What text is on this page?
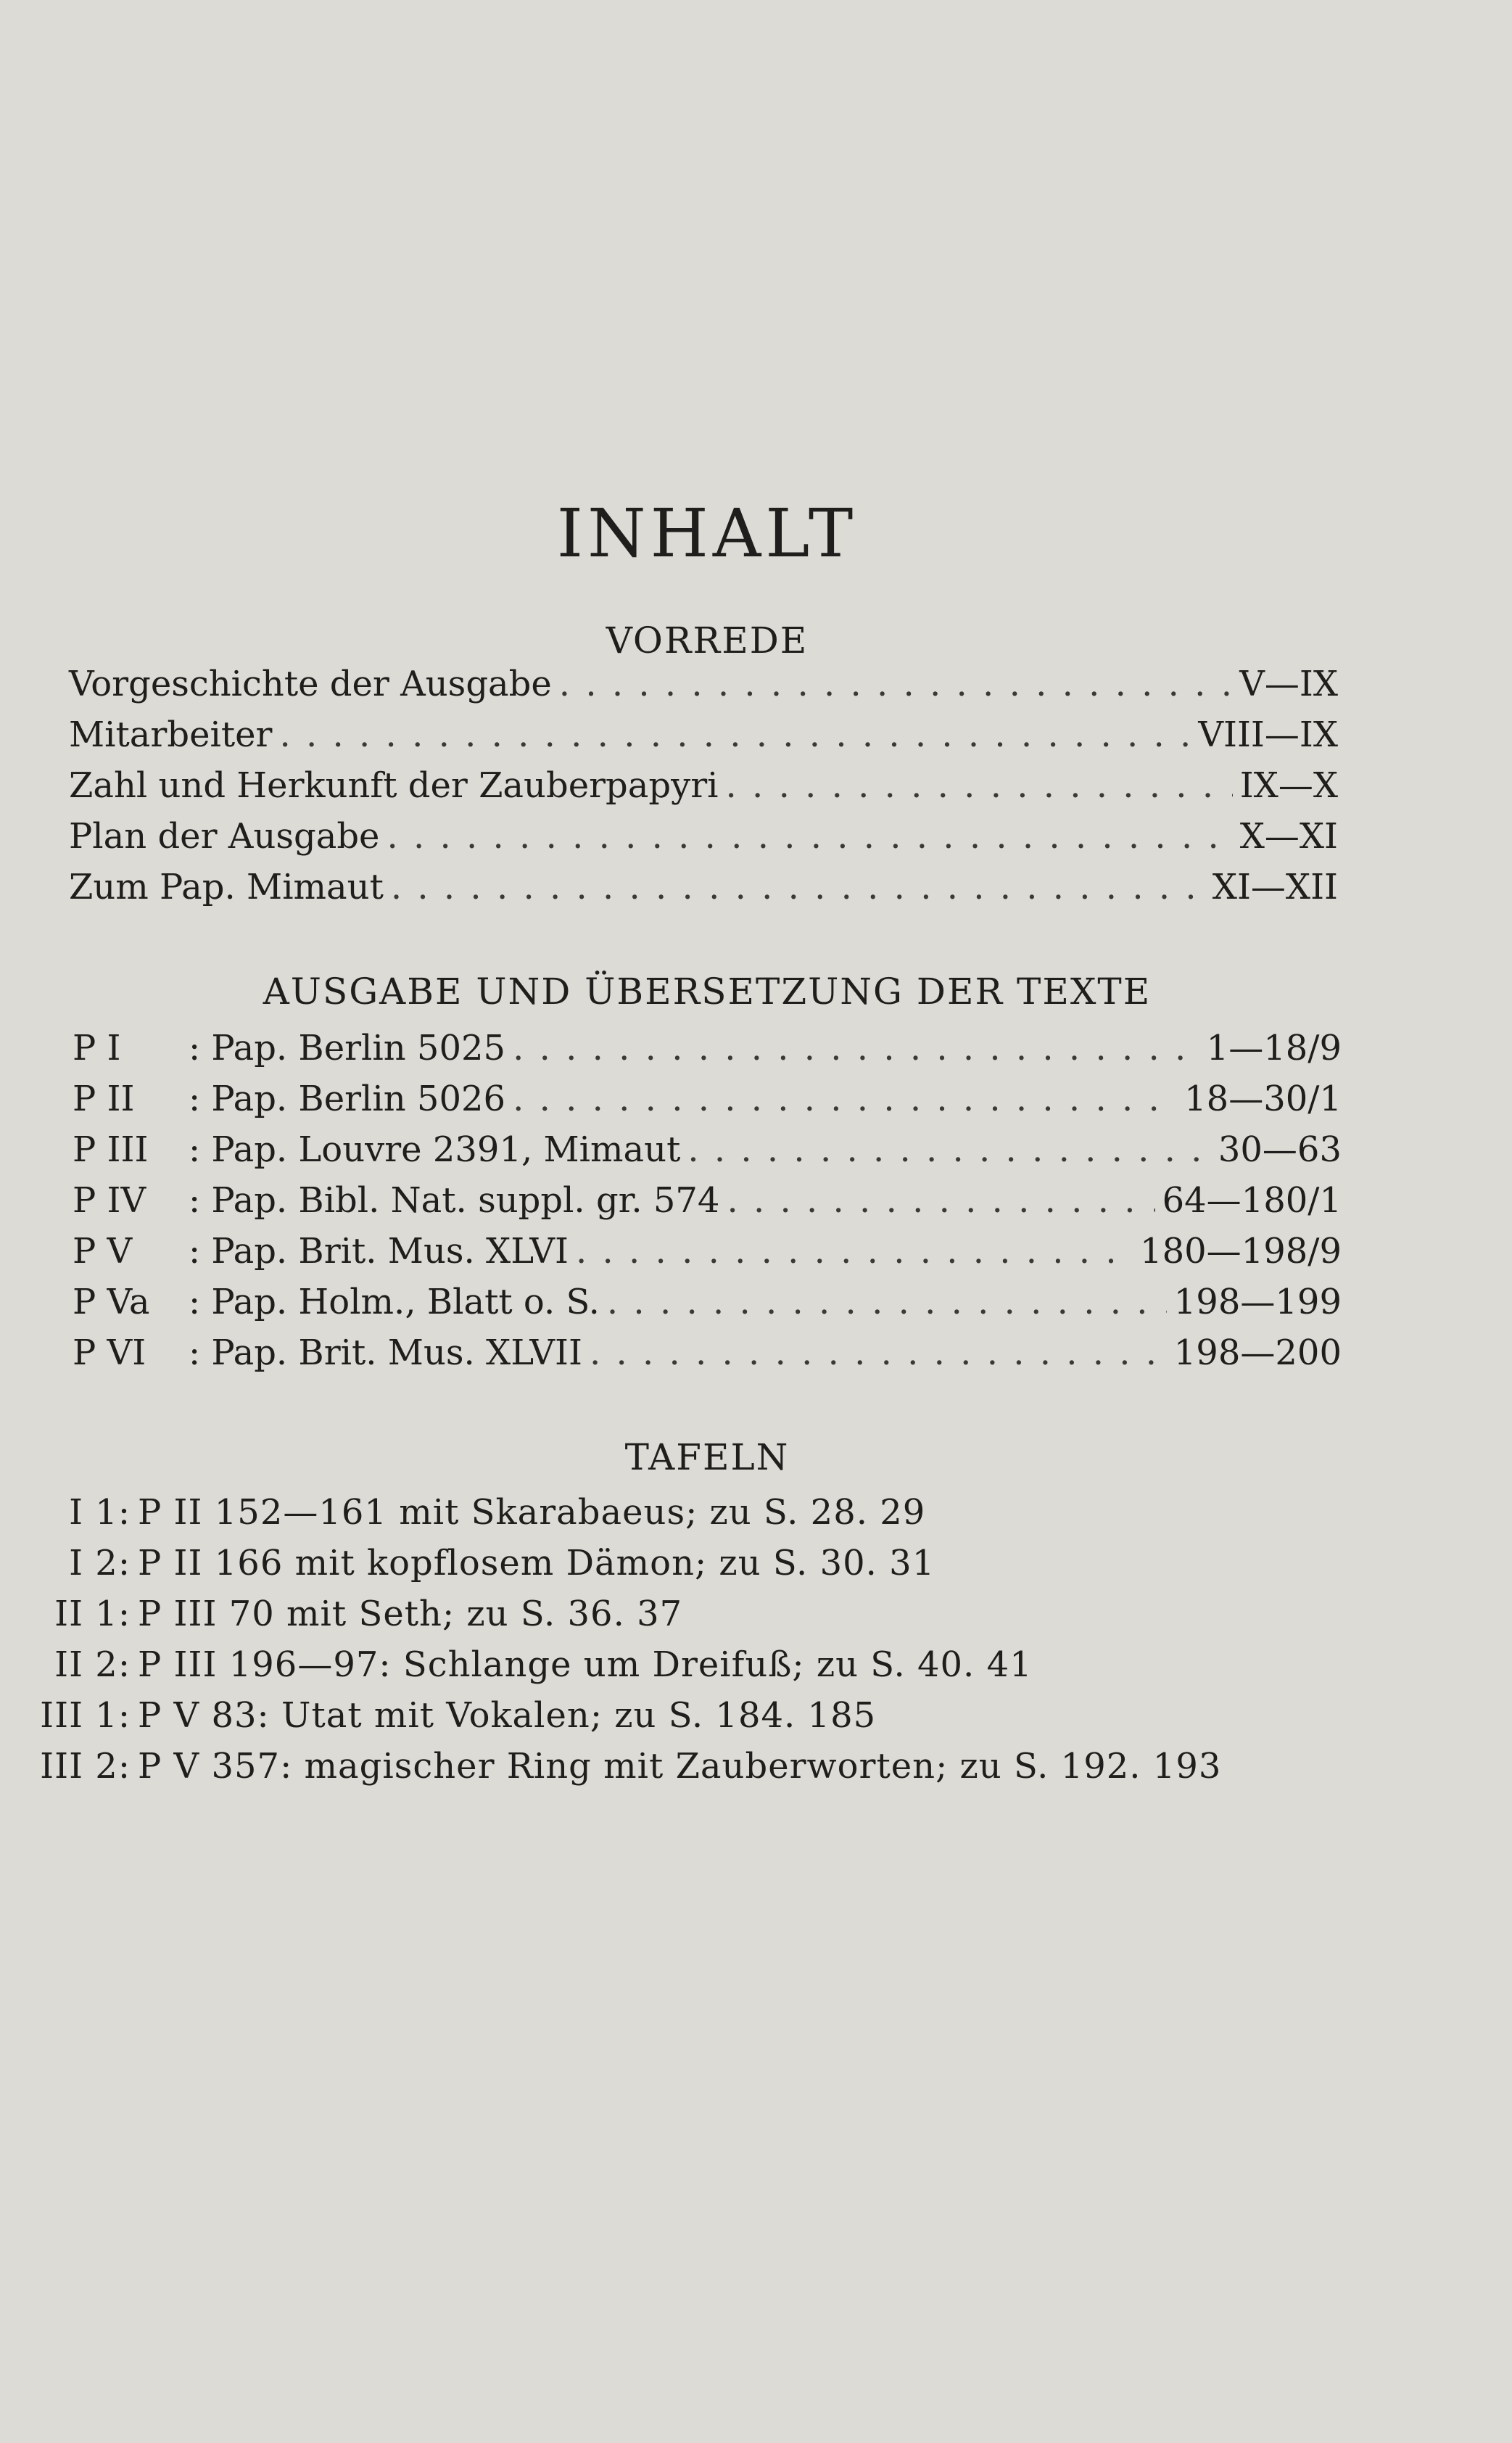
INHALT
VORREDE
Vorgeschichte der Ausgabe . . .	V—IX
Mitarbeiter . . .	VIII—IX
Zahl und Herkunft der Zauberpapyri . . .	IX—X
Plan der Ausgabe . . .	X—XI
Zum Pap. Mimaut . . .	XI—XII
AUSGABE UND ÜBERSETZUNG DER TEXTE
P I : Pap. Berlin 5025 . . .	1—18/9
P II : Pap. Berlin 5026 . . .	18—30/1
P III : Pap. Louvre 2391, Mimaut . . .	30—63
P IV : Pap. Bibl. Nat. suppl. gr. 574 . . .	64—180/1
P V : Pap. Brit. Mus. XLVI . . .	180—198/9
P Va : Pap. Holm., Blatt o. S. . . .	198—199
P VI : Pap. Brit. Mus. XLVII . . .	198—200
TAFELN
I 1: P II 152—161 mit Skarabaeus; zu S. 28. 29
I 2: P II 166 mit kopflosem Dämon; zu S. 30. 31
II 1: P III 70 mit Seth; zu S. 36. 37
II 2: P III 196—97: Schlange um Dreifuß; zu S. 40. 41
III 1: P V 83: Utat mit Vokalen; zu S. 184. 185
III 2: P V 357: magischer Ring mit Zauberworten; zu S. 192. 193
